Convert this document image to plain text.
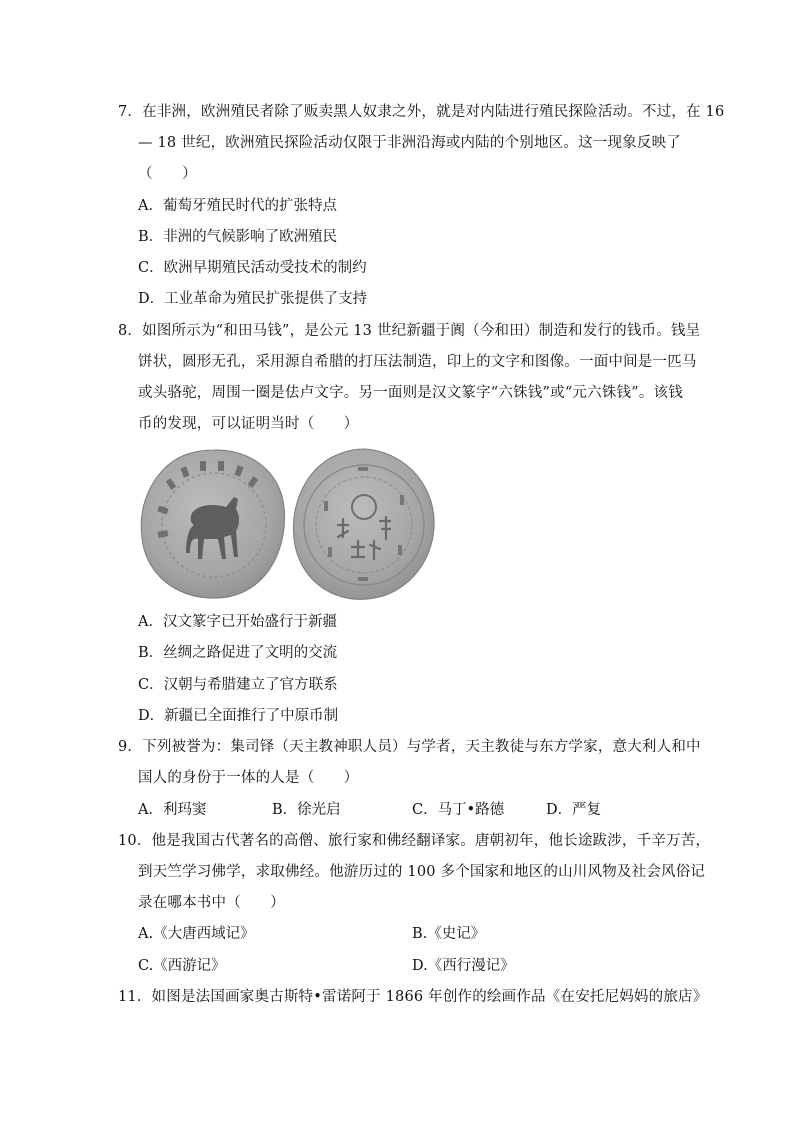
7．在非洲，欧洲殖民者除了贩卖黑人奴隶之外，就是对内陆进行殖民探险活动。不过，在 16
— 18 世纪，欧洲殖民探险活动仅限于非洲沿海或内陆的个别地区。这一现象反映了
（　　）
A．葡萄牙殖民时代的扩张特点
B．非洲的气候影响了欧洲殖民
C．欧洲早期殖民活动受技术的制约
D．工业革命为殖民扩张提供了支持
8．如图所示为“和田马钱”，是公元 13 世纪新疆于阗（今和田）制造和发行的钱币。钱呈
饼状，圆形无孔，采用源自希腊的打压法制造，印上的文字和图像。一面中间是一匹马
或头骆驼，周围一圈是佉卢文字。另一面则是汉文篆字“六铢钱”或“元六铢钱”。该钱
币的发现，可以证明当时（　　）
A．汉文篆字已开始盛行于新疆
B．丝绸之路促进了文明的交流
C．汉朝与希腊建立了官方联系
D．新疆已全面推行了中原币制
9．下列被誉为：集司铎（天主教神职人员）与学者，天主教徒与东方学家，意大利人和中
国人的身份于一体的人是（　　）
A．利玛窦	B．徐光启	C．马丁•路德	D．严复
10．他是我国古代著名的高僧、旅行家和佛经翻译家。唐朝初年，他长途跋涉，千辛万苦，
到天竺学习佛学，求取佛经。他游历过的 100 多个国家和地区的山川风物及社会风俗记
录在哪本书中（　　）
A.《大唐西域记》	B.《史记》
C.《西游记》	D.《西行漫记》
11．如图是法国画家奥古斯特•雷诺阿于 1866 年创作的绘画作品《在安托尼妈妈的旅店》
